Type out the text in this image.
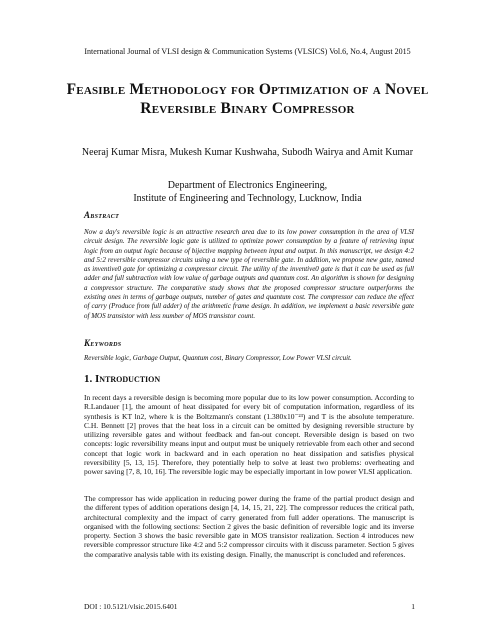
International Journal of VLSI design & Communication Systems (VLSICS) Vol.6, No.4, August 2015
Feasible Methodology for Optimization of a Novel Reversible Binary Compressor
Neeraj Kumar Misra, Mukesh Kumar Kushwaha, Subodh Wairya and Amit Kumar
Department of Electronics Engineering,
Institute of Engineering and Technology, Lucknow, India
Abstract
Now a day's reversible logic is an attractive research area due to its low power consumption in the area of VLSI circuit design. The reversible logic gate is utilized to optimize power consumption by a feature of retrieving input logic from an output logic because of bijective mapping between input and output. In this manuscript, we design 4:2 and 5:2 reversible compressor circuits using a new type of reversible gate. In addition, we propose new gate, named as inventive0 gate for optimizing a compressor circuit. The utility of the inventive0 gate is that it can be used as full adder and full subtraction with low value of garbage outputs and quantum cost. An algorithm is shown for designing a compressor structure. The comparative study shows that the proposed compressor structure outperforms the existing ones in terms of garbage outputs, number of gates and quantum cost. The compressor can reduce the effect of carry (Produce from full adder) of the arithmetic frame design. In addition, we implement a basic reversible gate of MOS transistor with less number of MOS transistor count.
Keywords
Reversible logic, Garbage Output, Quantum cost, Binary Compressor, Low Power VLSI circuit.
1. Introduction
In recent days a reversible design is becoming more popular due to its low power consumption. According to R.Landauer [1], the amount of heat dissipated for every bit of computation information, regardless of its synthesis is KT ln2, where k is the Boltzmann's constant (1.380x10⁻²³) and T is the absolute temperature. C.H. Bennett [2] proves that the heat loss in a circuit can be omitted by designing reversible structure by utilizing reversible gates and without feedback and fan-out concept. Reversible design is based on two concepts: logic reversibility means input and output must be uniquely retrievable from each other and second concept that logic work in backward and in each operation no heat dissipation and satisfies physical reversibility [5, 13, 15]. Therefore, they potentially help to solve at least two problems: overheating and power saving [7, 8, 10, 16]. The reversible logic may be especially important in low power VLSI application.
The compressor has wide application in reducing power during the frame of the partial product design and the different types of addition operations design [4, 14, 15, 21, 22]. The compressor reduces the critical path, architectural complexity and the impact of carry generated from full adder operations. The manuscript is organised with the following sections: Section 2 gives the basic definition of reversible logic and its inverse property. Section 3 shows the basic reversible gate in MOS transistor realization. Section 4 introduces new reversible compressor structure like 4:2 and 5:2 compressor circuits with it discuss parameter. Section 5 gives the comparative analysis table with its existing design. Finally, the manuscript is concluded and references.
DOI : 10.5121/vlsic.2015.6401	1
